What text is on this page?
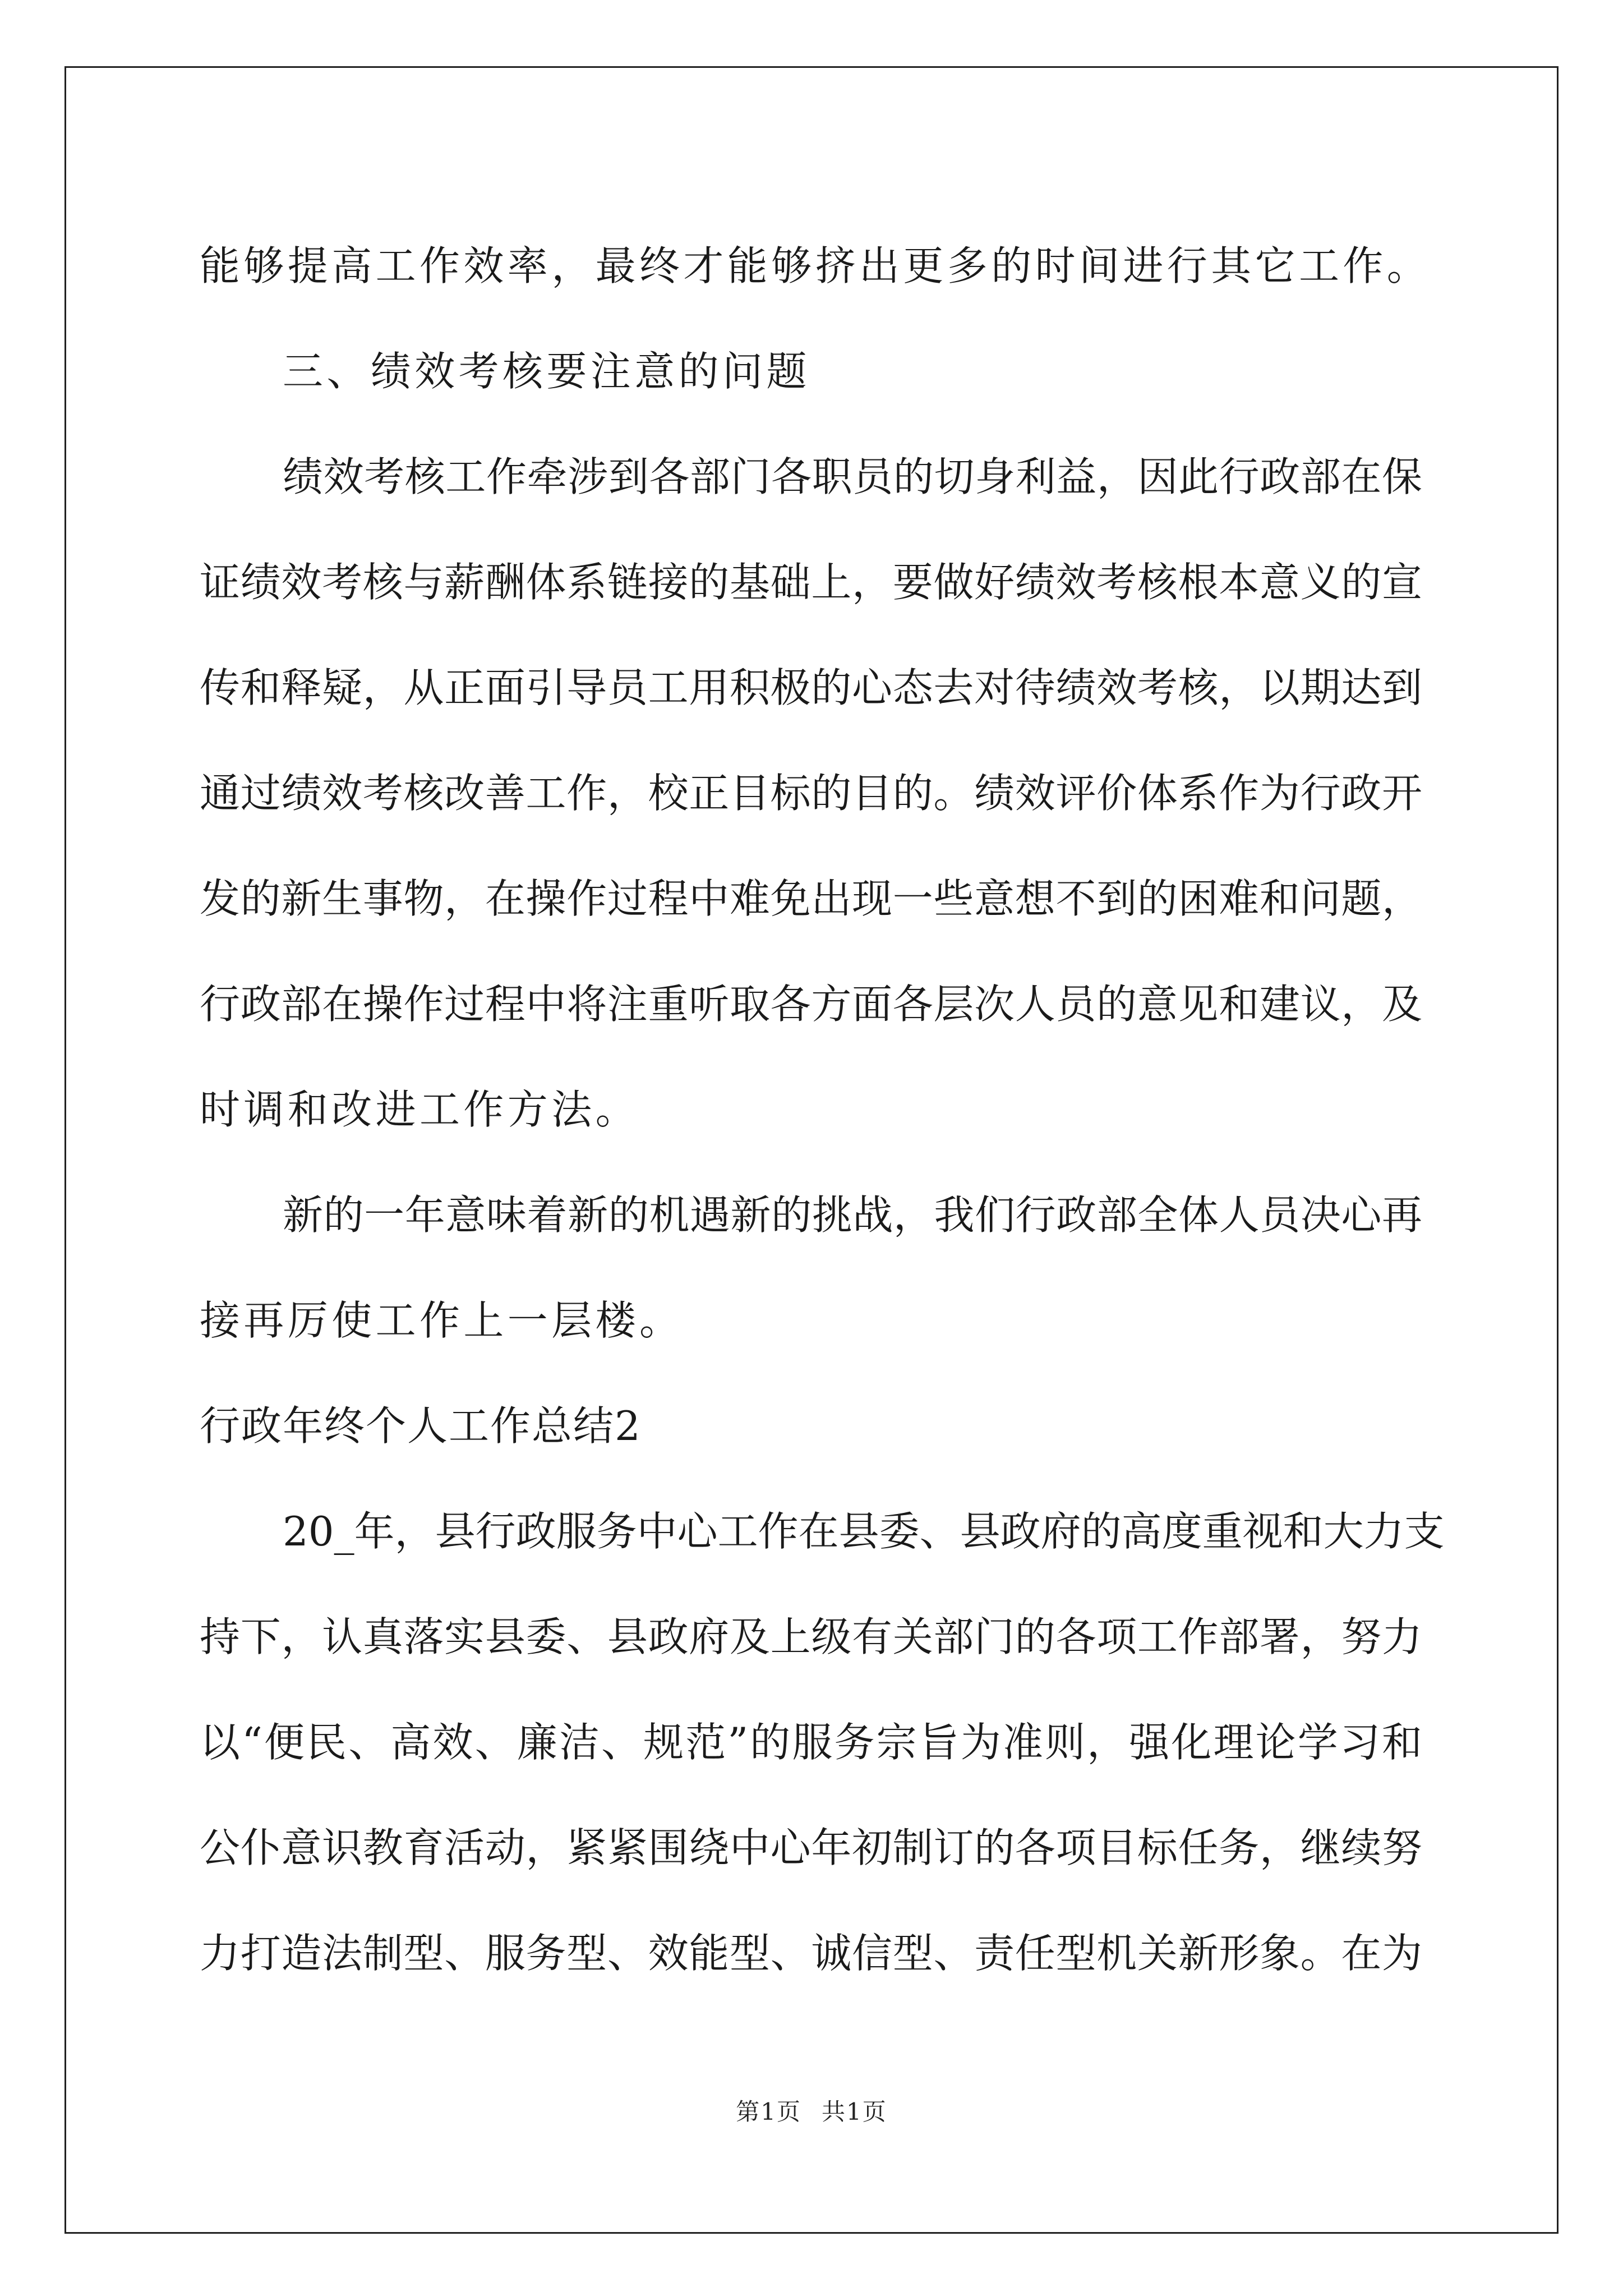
能够提高工作效率，最终才能够挤出更多的时间进行其它工作。
三、绩效考核要注意的问题
绩效考核工作牵涉到各部门各职员的切身利益，因此行政部在保
证绩效考核与薪酬体系链接的基础上，要做好绩效考核根本意义的宣
传和释疑，从正面引导员工用积极的心态去对待绩效考核，以期达到
通过绩效考核改善工作，校正目标的目的。绩效评价体系作为行政开
发的新生事物，在操作过程中难免出现一些意想不到的困难和问题，
行政部在操作过程中将注重听取各方面各层次人员的意见和建议，及
时调和改进工作方法。
新的一年意味着新的机遇新的挑战，我们行政部全体人员决心再
接再厉使工作上一层楼。
行政年终个人工作总结2
20_年，县行政服务中心工作在县委、县政府的高度重视和大力支
持下，认真落实县委、县政府及上级有关部门的各项工作部署，努力
以“便民、高效、廉洁、规范”的服务宗旨为准则，强化理论学习和
公仆意识教育活动，紧紧围绕中心年初制订的各项目标任务，继续努
力打造法制型、服务型、效能型、诚信型、责任型机关新形象。在为
第1页 共1页
